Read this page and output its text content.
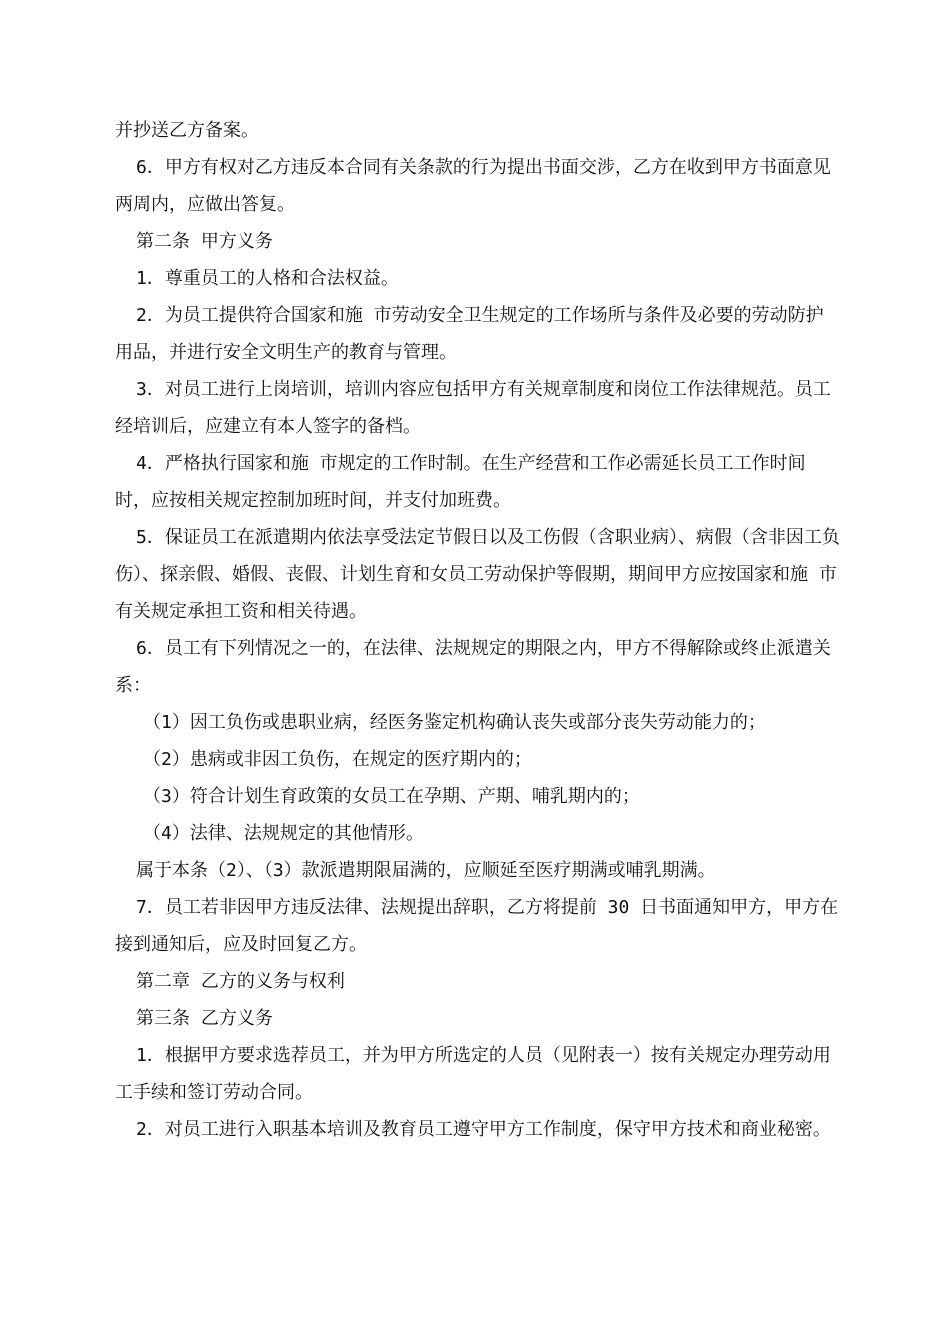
并抄送乙方备案。

6．甲方有权对乙方违反本合同有关条款的行为提出书面交涉，乙方在收到甲方书面意见两周内，应做出答复。

第二条 甲方义务

1．尊重员工的人格和合法权益。

2．为员工提供符合国家和施 市劳动安全卫生规定的工作场所与条件及必要的劳动防护用品，并进行安全文明生产的教育与管理。

3．对员工进行上岗培训，培训内容应包括甲方有关规章制度和岗位工作法律规范。员工经培训后，应建立有本人签字的备档。

4．严格执行国家和施 市规定的工作时制。在生产经营和工作必需延长员工工作时间时，应按相关规定控制加班时间，并支付加班费。

5．保证员工在派遣期内依法享受法定节假日以及工伤假（含职业病）、病假（含非因工负伤）、探亲假、婚假、丧假、计划生育和女员工劳动保护等假期，期间甲方应按国家和施 市有关规定承担工资和相关待遇。

6．员工有下列情况之一的，在法律、法规规定的期限之内，甲方不得解除或终止派遣关系：

（1）因工负伤或患职业病，经医务鉴定机构确认丧失或部分丧失劳动能力的；

（2）患病或非因工负伤，在规定的医疗期内的；

（3）符合计划生育政策的女员工在孕期、产期、哺乳期内的；

（4）法律、法规规定的其他情形。

属于本条（2）、（3）款派遣期限届满的，应顺延至医疗期满或哺乳期满。

7．员工若非因甲方违反法律、法规提出辞职，乙方将提前 30 日书面通知甲方，甲方在接到通知后，应及时回复乙方。

第二章 乙方的义务与权利

第三条 乙方义务

1．根据甲方要求选荐员工，并为甲方所选定的人员（见附表一）按有关规定办理劳动用工手续和签订劳动合同。

2．对员工进行入职基本培训及教育员工遵守甲方工作制度，保守甲方技术和商业秘密。
